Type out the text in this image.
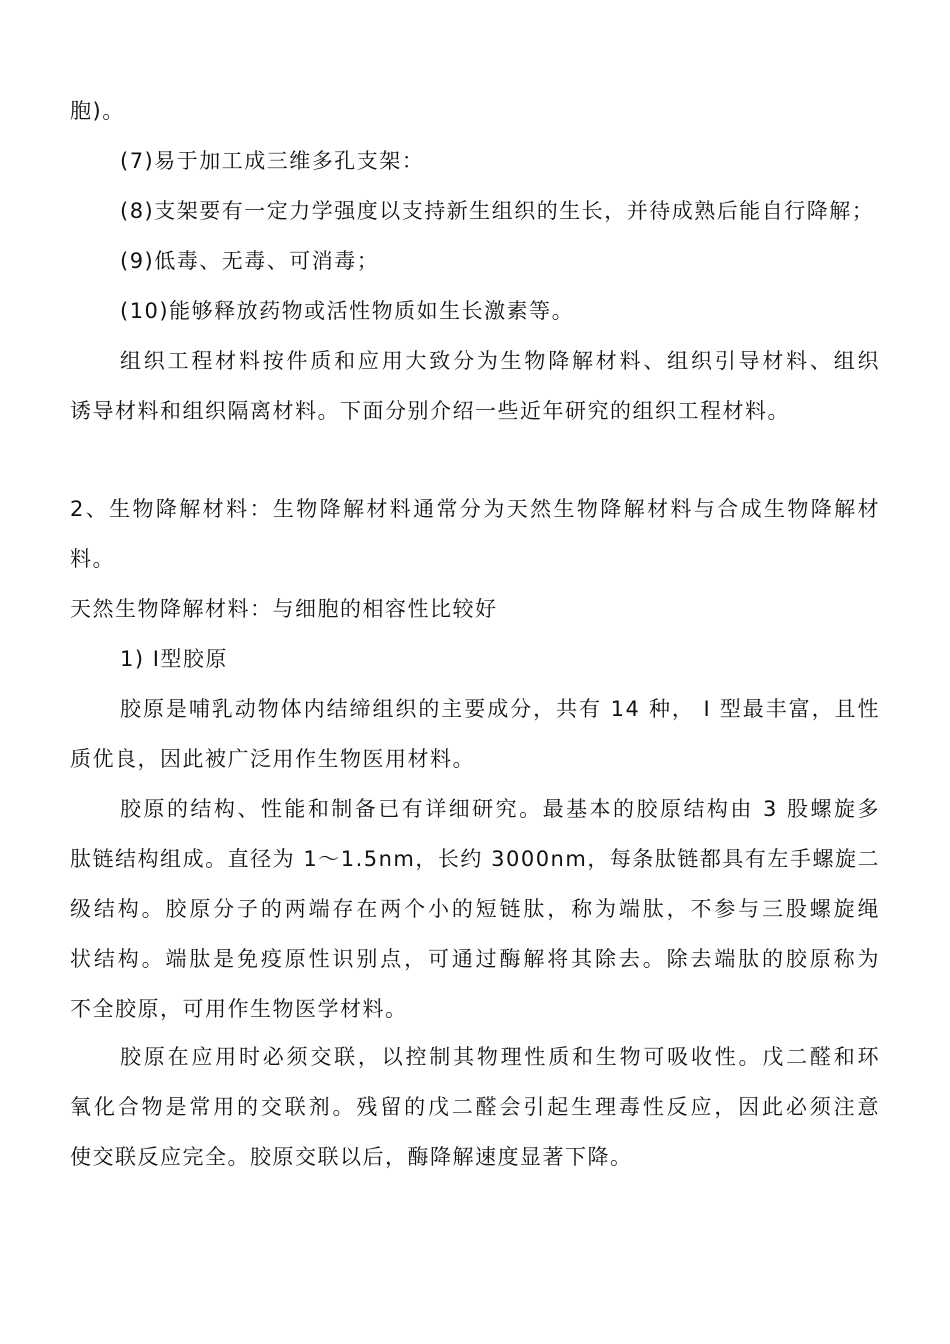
胞)。
(7)易于加工成三维多孔支架：
(8)支架要有一定力学强度以支持新生组织的生长，并待成熟后能自行降解；
(9)低毒、无毒、可消毒；
(10)能够释放药物或活性物质如生长激素等。
组织工程材料按件质和应用大致分为生物降解材料、组织引导材料、组织
诱导材料和组织隔离材料。下面分别介绍一些近年研究的组织工程材料。
2、生物降解材料：生物降解材料通常分为天然生物降解材料与合成生物降解材
料。
天然生物降解材料：与细胞的相容性比较好
1) Ⅰ型胶原
胶原是哺乳动物体内结缔组织的主要成分，共有 14 种， I 型最丰富，且性
质优良，因此被广泛用作生物医用材料。
胶原的结构、性能和制备已有详细研究。最基本的胶原结构由 3 股螺旋多
肽链结构组成。直径为 1～1.5nm，长约 3000nm，每条肽链都具有左手螺旋二
级结构。胶原分子的两端存在两个小的短链肽，称为端肽，不参与三股螺旋绳
状结构。端肽是免疫原性识别点，可通过酶解将其除去。除去端肽的胶原称为
不全胶原，可用作生物医学材料。
胶原在应用时必须交联，以控制其物理性质和生物可吸收性。戊二醛和环
氧化合物是常用的交联剂。残留的戊二醛会引起生理毒性反应，因此必须注意
使交联反应完全。胶原交联以后，酶降解速度显著下降。
